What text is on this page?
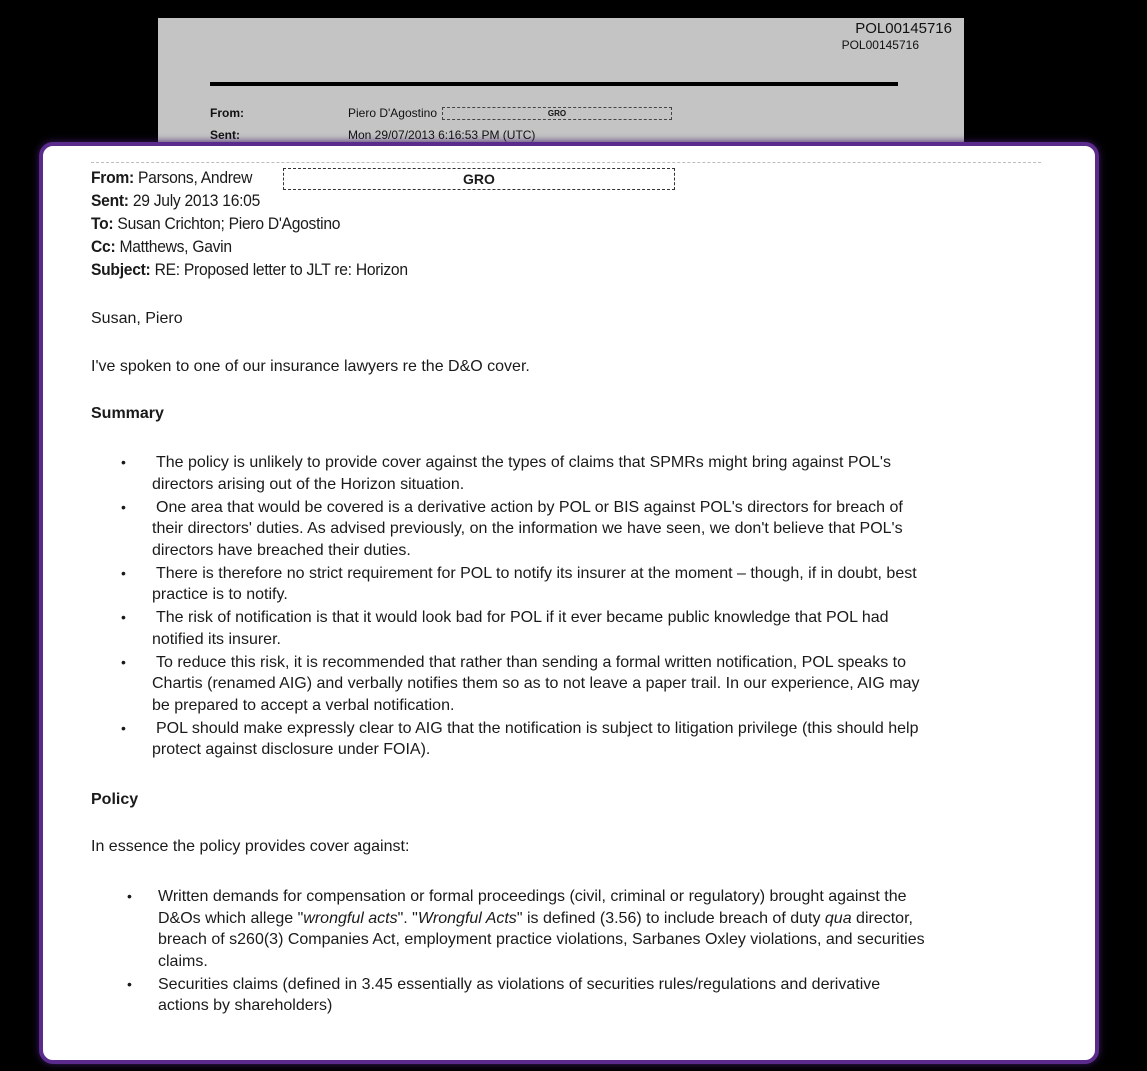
POL00145716
POL00145716
From:	Piero D'Agostino	GRO
Sent:	Mon 29/07/2013 6:16:53 PM (UTC)
From: Parsons, Andrew	GRO
Sent: 29 July 2013 16:05
To: Susan Crichton; Piero D'Agostino
Cc: Matthews, Gavin
Subject: RE: Proposed letter to JLT re: Horizon
Susan, Piero
I've spoken to one of our insurance lawyers re the D&O cover.
Summary
• The policy is unlikely to provide cover against the types of claims that SPMRs might bring against POL's
directors arising out of the Horizon situation.
• One area that would be covered is a derivative action by POL or BIS against POL's directors for breach of
their directors' duties. As advised previously, on the information we have seen, we don't believe that POL's
directors have breached their duties.
• There is therefore no strict requirement for POL to notify its insurer at the moment – though, if in doubt, best
practice is to notify.
• The risk of notification is that it would look bad for POL if it ever became public knowledge that POL had
notified its insurer.
• To reduce this risk, it is recommended that rather than sending a formal written notification, POL speaks to
Chartis (renamed AIG) and verbally notifies them so as to not leave a paper trail. In our experience, AIG may
be prepared to accept a verbal notification.
• POL should make expressly clear to AIG that the notification is subject to litigation privilege (this should help
protect against disclosure under FOIA).
Policy
In essence the policy provides cover against:
• Written demands for compensation or formal proceedings (civil, criminal or regulatory) brought against the
D&Os which allege "wrongful acts". "Wrongful Acts" is defined (3.56) to include breach of duty qua director,
breach of s260(3) Companies Act, employment practice violations, Sarbanes Oxley violations, and securities
claims.
• Securities claims (defined in 3.45 essentially as violations of securities rules/regulations and derivative
actions by shareholders)
